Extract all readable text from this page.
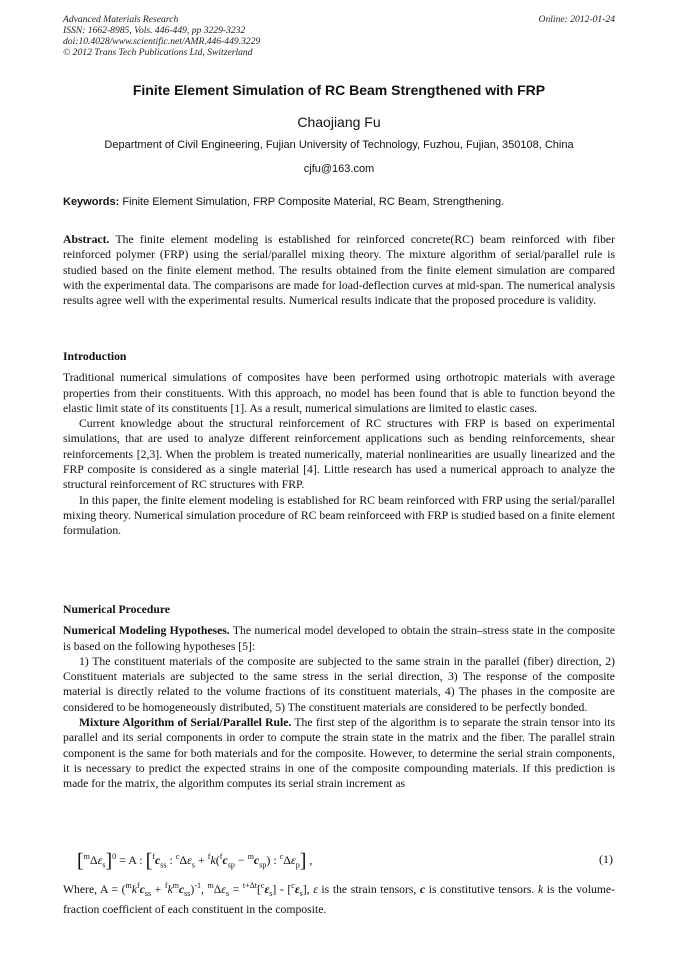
Advanced Materials Research
ISSN: 1662-8985, Vols. 446-449, pp 3229-3232
doi:10.4028/www.scientific.net/AMR.446-449.3229
© 2012 Trans Tech Publications Ltd, Switzerland
Online: 2012-01-24
Finite Element Simulation of RC Beam Strengthened with FRP
Chaojiang Fu
Department of Civil Engineering, Fujian University of Technology, Fuzhou, Fujian, 350108, China
cjfu@163.com
Keywords: Finite Element Simulation, FRP Composite Material, RC Beam, Strengthening.

Abstract. The finite element modeling is established for reinforced concrete(RC) beam reinforced with fiber reinforced polymer (FRP) using the serial/parallel mixing theory. The mixture algorithm of serial/parallel rule is studied based on the finite element method. The results obtained from the finite element simulation are compared with the experimental data. The comparisons are made for load-deflection curves at mid-span. The numerical analysis results agree well with the experimental results. Numerical results indicate that the proposed procedure is validity.

Introduction

Traditional numerical simulations of composites have been performed using orthotropic materials with average properties from their constituents. With this approach, no model has been found that is able to function beyond the elastic limit state of its constituents [1]. As a result, numerical simulations are limited to elastic cases.

Current knowledge about the structural reinforcement of RC structures with FRP is based on experimental simulations, that are used to analyze different reinforcement applications such as bending reinforcements, shear reinforcements [2,3]. When the problem is treated numerically, material nonlinearities are usually linearized and the FRP composite is considered as a single material [4]. Little research has used a numerical approach to analyze the structural reinforcement of RC structures with FRP.

In this paper, the finite element modeling is established for RC beam reinforced with FRP using the serial/parallel mixing theory. Numerical simulation procedure of RC beam reinforceed with FRP is studied based on a finite element formulation.

Numerical Procedure

Numerical Modeling Hypotheses. The numerical model developed to obtain the strain–stress state in the composite is based on the following hypotheses [5]:

1) The constituent materials of the composite are subjected to the same strain in the parallel (fiber) direction, 2) Constituent materials are subjected to the same stress in the serial direction, 3) The response of the composite material is directly related to the volume fractions of its constituent materials, 4) The phases in the composite are considered to be homogeneously distributed, 5) The constituent materials are considered to be perfectly bonded.

Mixture Algorithm of Serial/Parallel Rule. The first step of the algorithm is to separate the strain tensor into its parallel and its serial components in order to compute the strain state in the matrix and the fiber. The parallel strain component is the same for both materials and for the composite. However, to determine the serial strain components, it is necessary to predict the expected strains in one of the composite compounding materials. If this prediction is made for the matrix, the algorithm computes its serial strain increment as

$[^m\Delta\varepsilon_s]^0 = A$ : [$^fc_{ss}$ : $^c\Delta\varepsilon_s + ^fk(^fc_{sp} - ^mc_{sp})$ : $^c\Delta\varepsilon_p$] ,	(1)

Where, $A = (^mk^fc_{ss} + ^fk^mc_{ss})^{-1}$, $^m\Delta\varepsilon_s = ^{t+\Delta t}[^c\varepsilon_s] - [^c\varepsilon_s]$, ε is the strain tensors, c is constitutive tensors. k is the volume-fraction coefficient of each constituent in the composite.
